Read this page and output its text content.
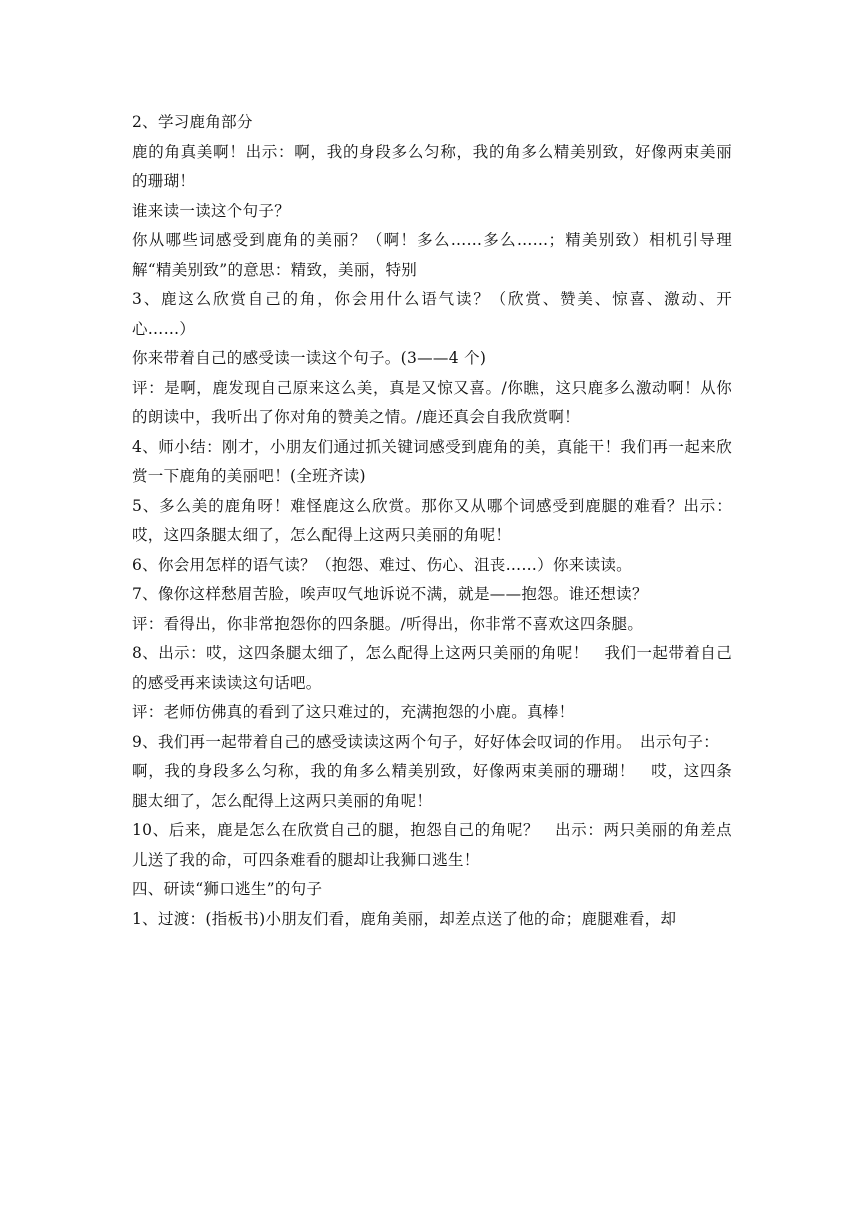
2、学习鹿角部分

鹿的角真美啊！出示：啊，我的身段多么匀称，我的角多么精美别致，好像两束美丽的珊瑚！

谁来读一读这个句子？

你从哪些词感受到鹿角的美丽？（啊！多么……多么……；精美别致）相机引导理解“精美别致”的意思：精致，美丽，特别

3、鹿这么欣赏自己的角，你会用什么语气读？（欣赏、赞美、惊喜、激动、开心……）

你来带着自己的感受读一读这个句子。(3——4 个)

评：是啊，鹿发现自己原来这么美，真是又惊又喜。/你瞧，这只鹿多么激动啊！从你的朗读中，我听出了你对角的赞美之情。/鹿还真会自我欣赏啊！

4、师小结：刚才，小朋友们通过抓关键词感受到鹿角的美，真能干！我们再一起来欣赏一下鹿角的美丽吧！(全班齐读)

5、多么美的鹿角呀！难怪鹿这么欣赏。那你又从哪个词感受到鹿腿的难看？出示：哎，这四条腿太细了，怎么配得上这两只美丽的角呢！

6、你会用怎样的语气读？（抱怨、难过、伤心、沮丧……）你来读读。

7、像你这样愁眉苦脸，唉声叹气地诉说不满，就是——抱怨。谁还想读？

评：看得出，你非常抱怨你的四条腿。/听得出，你非常不喜欢这四条腿。

8、出示：哎，这四条腿太细了，怎么配得上这两只美丽的角呢！　我们一起带着自己的感受再来读读这句话吧。

评：老师仿佛真的看到了这只难过的，充满抱怨的小鹿。真棒！

9、我们再一起带着自己的感受读读这两个句子，好好体会叹词的作用。　出示句子：

啊，我的身段多么匀称，我的角多么精美别致，好像两束美丽的珊瑚！　哎，这四条腿太细了，怎么配得上这两只美丽的角呢！

10、后来，鹿是怎么在欣赏自己的腿，抱怨自己的角呢？　出示：两只美丽的角差点儿送了我的命，可四条难看的腿却让我狮口逃生！

四、研读“狮口逃生”的句子

1、过渡：(指板书)小朋友们看，鹿角美丽，却差点送了他的命；鹿腿难看，却
